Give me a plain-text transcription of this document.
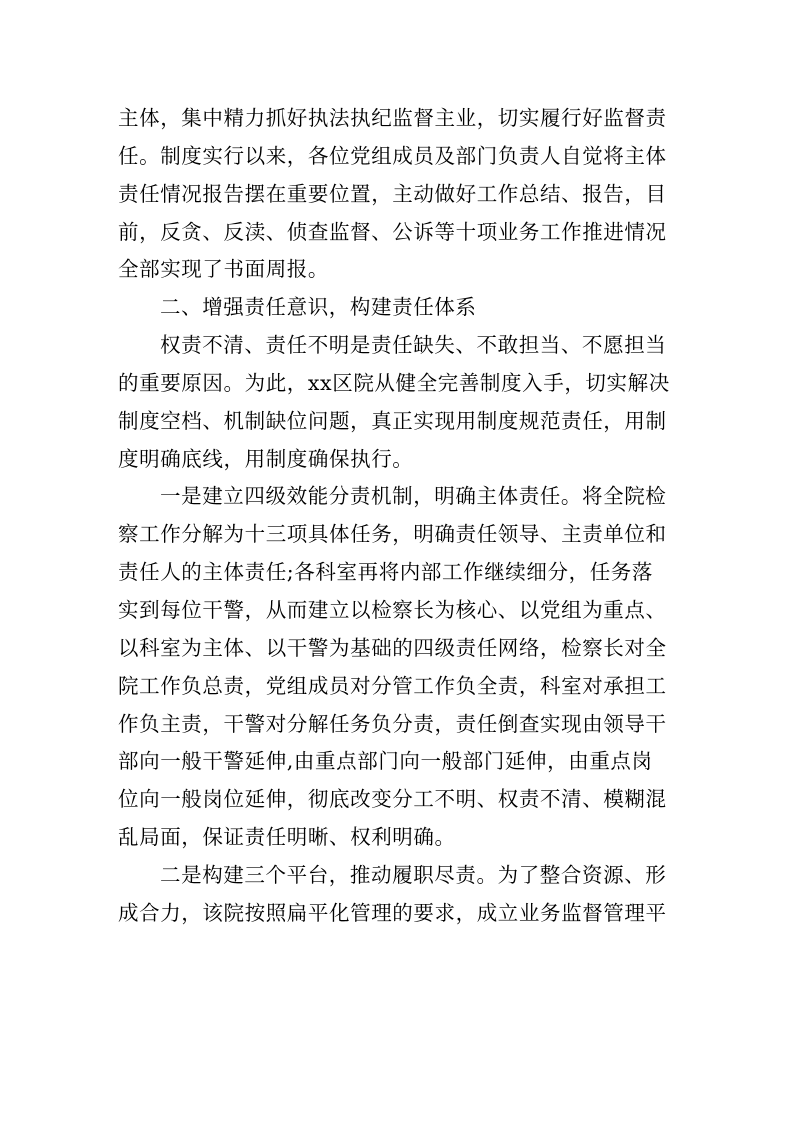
主体，集中精力抓好执法执纪监督主业，切实履行好监督责
任。制度实行以来，各位党组成员及部门负责人自觉将主体
责任情况报告摆在重要位置，主动做好工作总结、报告，目
前，反贪、反渎、侦查监督、公诉等十项业务工作推进情况
全部实现了书面周报。
二、增强责任意识，构建责任体系
权责不清、责任不明是责任缺失、不敢担当、不愿担当
的重要原因。为此，xx区院从健全完善制度入手，切实解决
制度空档、机制缺位问题，真正实现用制度规范责任，用制
度明确底线，用制度确保执行。
一是建立四级效能分责机制，明确主体责任。将全院检
察工作分解为十三项具体任务，明确责任领导、主责单位和
责任人的主体责任;各科室再将内部工作继续细分，任务落
实到每位干警，从而建立以检察长为核心、以党组为重点、
以科室为主体、以干警为基础的四级责任网络，检察长对全
院工作负总责，党组成员对分管工作负全责，科室对承担工
作负主责，干警对分解任务负分责，责任倒查实现由领导干
部向一般干警延伸,由重点部门向一般部门延伸，由重点岗
位向一般岗位延伸，彻底改变分工不明、权责不清、模糊混
乱局面，保证责任明晰、权利明确。
二是构建三个平台，推动履职尽责。为了整合资源、形
成合力，该院按照扁平化管理的要求，成立业务监督管理平
